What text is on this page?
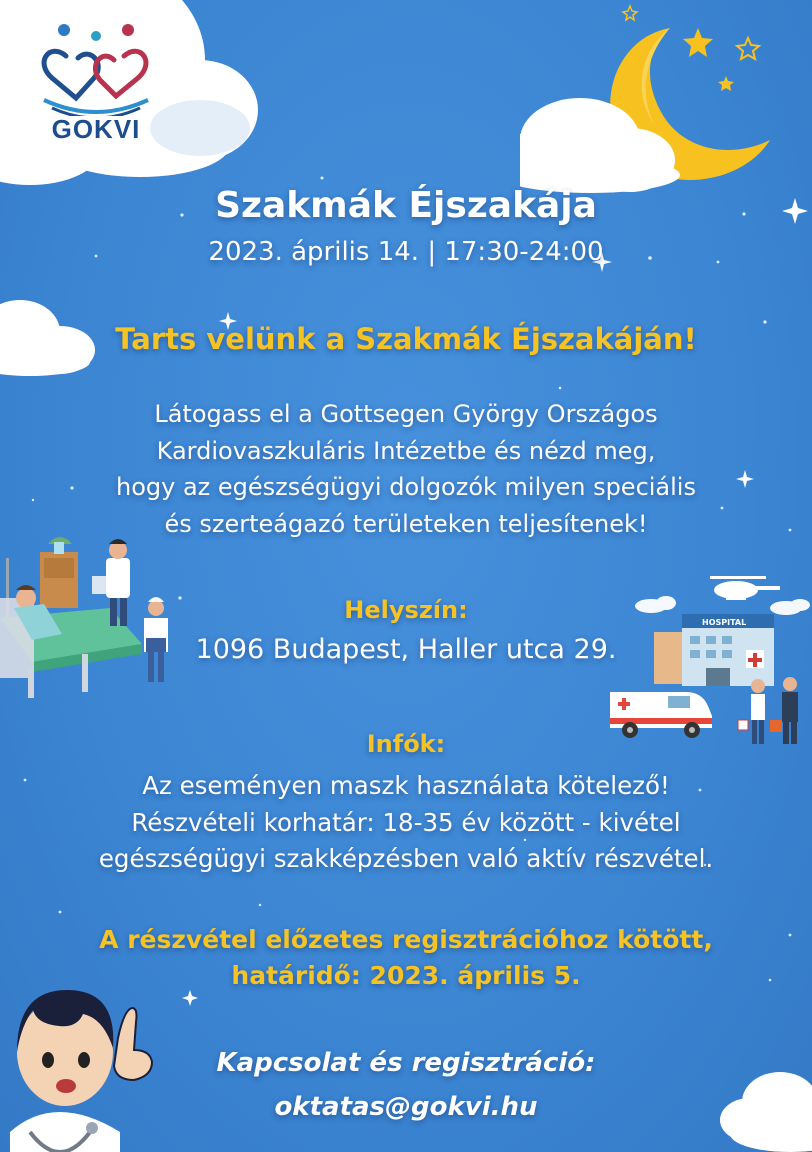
GOKVI
HOSPITAL
Szakmák Éjszakája
2023. április 14. | 17:30-24:00
Tarts velünk a Szakmák Éjszakáján!
Látogass el a Gottsegen György Országos
Kardiovaszkuláris Intézetbe és nézd meg,
hogy az egészségügyi dolgozók milyen speciális
és szerteágazó területeken teljesítenek!
Helyszín:
1096 Budapest, Haller utca 29.
Infók:
Az eseményen maszk használata kötelező!
Részvételi korhatár: 18-35 év között - kivétel
egészségügyi szakképzésben való aktív részvétel.
A részvétel előzetes regisztrációhoz kötött,
határidő: 2023. április 5.
Kapcsolat és regisztráció:
oktatas@gokvi.hu
